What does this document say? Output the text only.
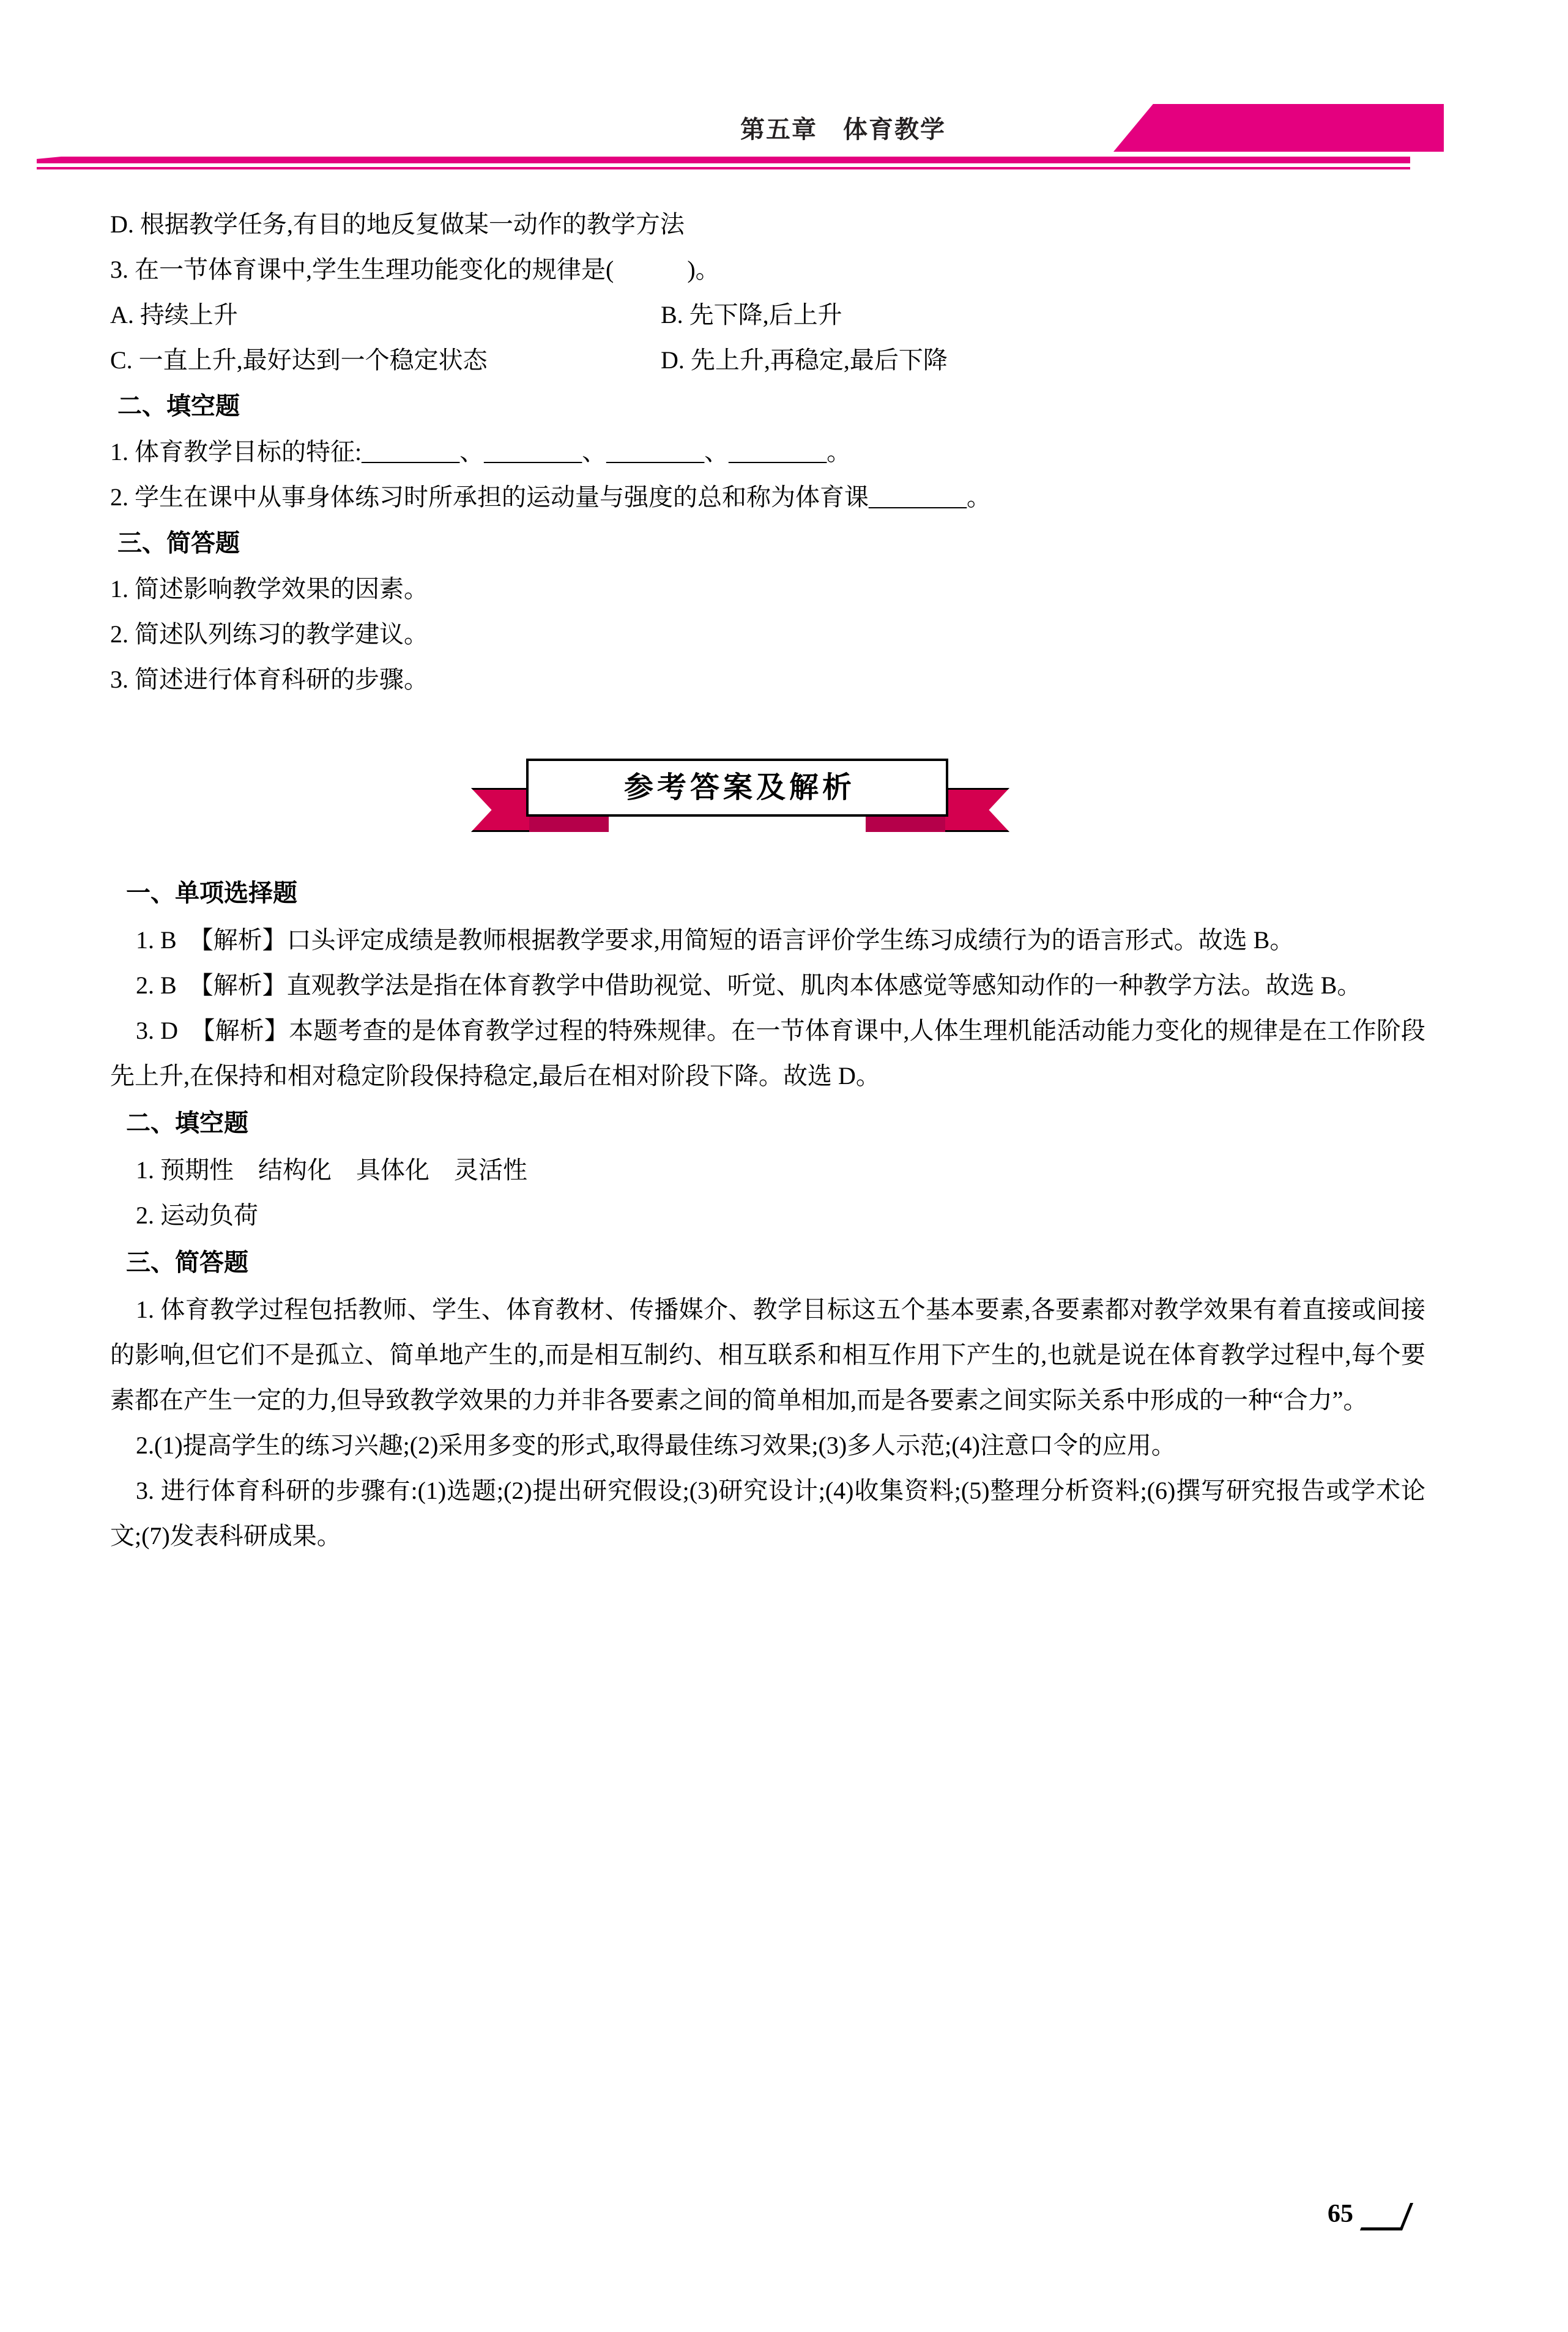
第五章　体育教学
D. 根据教学任务,有目的地反复做某一动作的教学方法
3. 在一节体育课中,学生生理功能变化的规律是(　　　)。
A. 持续上升	B. 先下降,后上升
C. 一直上升,最好达到一个稳定状态	D. 先上升,再稳定,最后下降
二、填空题
1. 体育教学目标的特征:________、________、________、________。
2. 学生在课中从事身体练习时所承担的运动量与强度的总和称为体育课________。
三、简答题
1. 简述影响教学效果的因素。
2. 简述队列练习的教学建议。
3. 简述进行体育科研的步骤。
参考答案及解析
一、单项选择题
1. B　【解析】口头评定成绩是教师根据教学要求,用简短的语言评价学生练习成绩行为的语言形式。故选 B。
2. B　【解析】直观教学法是指在体育教学中借助视觉、听觉、肌肉本体感觉等感知动作的一种教学方法。故选 B。
3. D　【解析】本题考查的是体育教学过程的特殊规律。在一节体育课中,人体生理机能活动能力变化的规律是在工作阶段先上升,在保持和相对稳定阶段保持稳定,最后在相对阶段下降。故选 D。
二、填空题
1. 预期性　结构化　具体化　灵活性
2. 运动负荷
三、简答题
1. 体育教学过程包括教师、学生、体育教材、传播媒介、教学目标这五个基本要素,各要素都对教学效果有着直接或间接的影响,但它们不是孤立、简单地产生的,而是相互制约、相互联系和相互作用下产生的,也就是说在体育教学过程中,每个要素都在产生一定的力,但导致教学效果的力并非各要素之间的简单相加,而是各要素之间实际关系中形成的一种“合力”。
2.(1)提高学生的练习兴趣;(2)采用多变的形式,取得最佳练习效果;(3)多人示范;(4)注意口令的应用。
3. 进行体育科研的步骤有:(1)选题;(2)提出研究假设;(3)研究设计;(4)收集资料;(5)整理分析资料;(6)撰写研究报告或学术论文;(7)发表科研成果。
65
